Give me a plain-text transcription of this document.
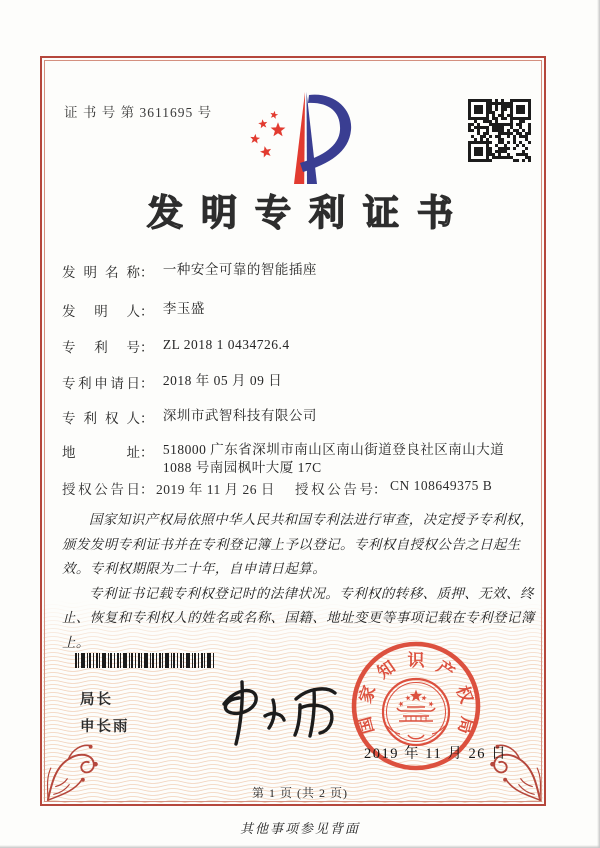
证 书 号 第 3611695 号
发明专利证书
发明名称： 一种安全可靠的智能插座
发明人： 李玉盛
专利号： ZL 2018 1 0434726.4
专利申请日： 2018 年 05 月 09 日
专利权人： 深圳市武智科技有限公司
地址： 518000 广东省深圳市南山区南山街道登良社区南山大道 1088 号南园枫叶大厦 17C
授权公告日 ： 2019 年 11 月 26 日 授权公告号 ： CN 108649375 B

国家知识产权局依照中华人民共和国专利法进行审查，决定授予专利权，颁发发明专利证书并在专利登记簿上予以登记。专利权自授权公告之日起生效。专利权期限为二十年，自申请日起算。

专利证书记载专利权登记时的法律状况。专利权的转移、质押、无效、终止、恢复和专利权人的姓名或名称、国籍、地址变更等事项记载在专利登记簿上。

局长
申长雨	国
家
知 识 产
权
局
2019 年 11 月 26 日
第 1 页 (共 2 页)
其他事项参见背面
